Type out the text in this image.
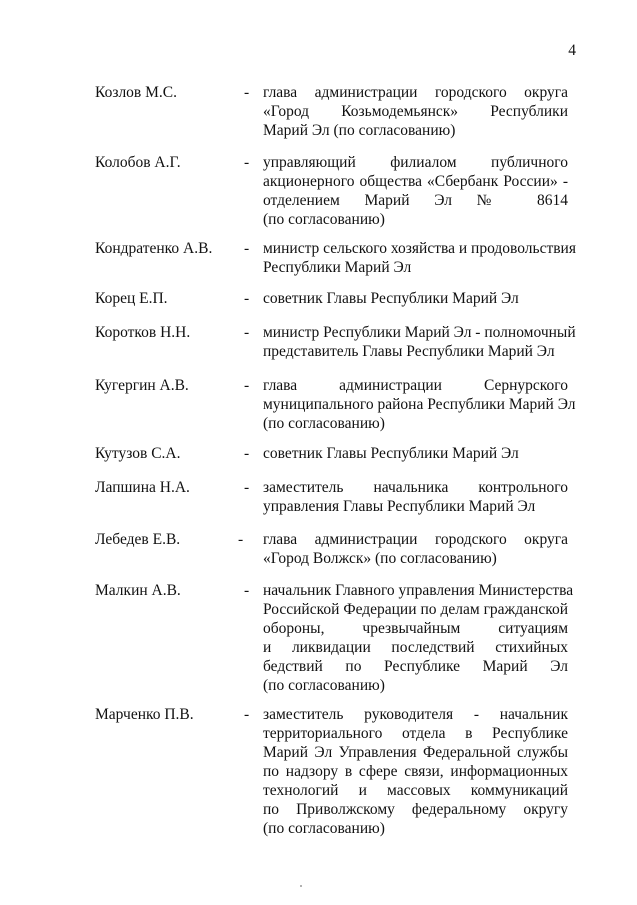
4
Козлов М.С.	- глава администрации городского округа
«Город Козьмодемьянск» Республики
Марий Эл (по согласованию)
Колобов А.Г.	- управляющий филиалом публичного
акционерного общества «Сбербанк России» -
отделением Марий Эл № 8614
(по согласованию)
Кондратенко А.В. - министр сельского хозяйства и продовольствия
Республики Марий Эл
Корец Е.П.	- советник Главы Республики Марий Эл
Коротков Н.Н.	- министр Республики Марий Эл - полномочный
представитель Главы Республики Марий Эл
Кугергин А.В.	- глава администрации Сернурского
муниципального района Республики Марий Эл
(по согласованию)
Кутузов С.А.	- советник Главы Республики Марий Эл
Лапшина Н.А.	- заместитель начальника контрольного
управления Главы Республики Марий Эл
Лебедев Е.В.	- глава администрации городского округа
«Город Волжск» (по согласованию)
Малкин А.В.	- начальник Главного управления Министерства
Российской Федерации по делам гражданской
обороны, чрезвычайным ситуациям
и ликвидации последствий стихийных
бедствий по Республике Марий Эл
(по согласованию)
Марченко П.В.	- заместитель руководителя - начальник
территориального отдела в Республике
Марий Эл Управления Федеральной службы
по надзору в сфере связи, информационных
технологий и массовых коммуникаций
по Приволжскому федеральному округу
(по согласованию)
